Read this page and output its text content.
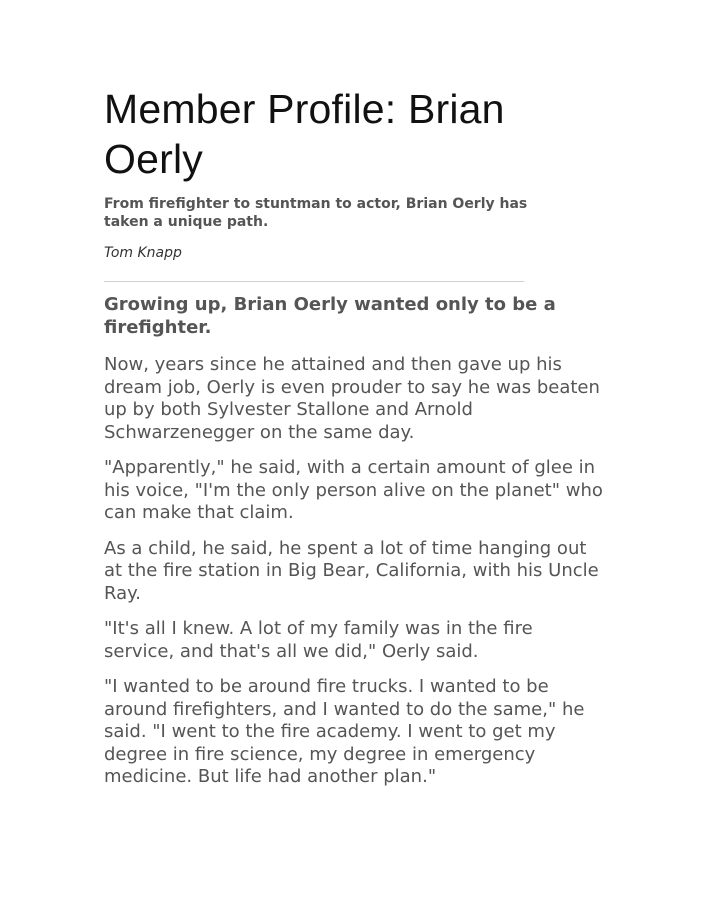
Member Profile: Brian Oerly

From firefighter to stuntman to actor, Brian Oerly has taken a unique path.

Tom Knapp

Growing up, Brian Oerly wanted only to be a firefighter.

Now, years since he attained and then gave up his dream job, Oerly is even prouder to say he was beaten up by both Sylvester Stallone and Arnold Schwarzenegger on the same day.

"Apparently," he said, with a certain amount of glee in his voice, "I'm the only person alive on the planet" who can make that claim.

As a child, he said, he spent a lot of time hanging out at the fire station in Big Bear, California, with his Uncle Ray.

"It's all I knew. A lot of my family was in the fire service, and that's all we did," Oerly said.

"I wanted to be around fire trucks. I wanted to be around firefighters, and I wanted to do the same," he said. "I went to the fire academy. I went to get my degree in fire science, my degree in emergency medicine. But life had another plan."
